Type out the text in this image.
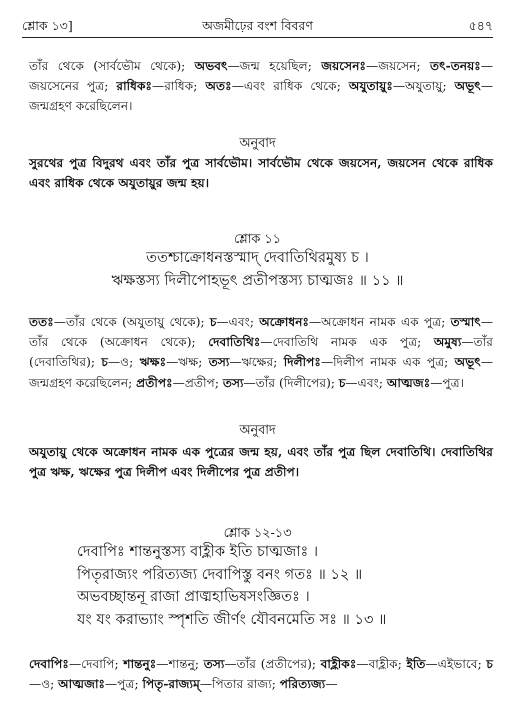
শ্লোক ১৩]	অজমীঢ়ের বংশ বিবরণ	৫৪৭
তাঁর থেকে (সার্বভৌম থেকে); অভবৎ—জন্ম হয়েছিল; জয়সেনঃ—জয়সেন; তৎ-তনয়ঃ—জয়সেনের পুত্র; রাধিকঃ—রাধিক; অতঃ—এবং রাধিক থেকে; অযুতায়ুঃ—অযুতায়ু; অভূৎ—জন্মগ্রহণ করেছিলেন।
অনুবাদ
সুরথের পুত্র বিদুরথ এবং তাঁর পুত্র সার্বভৌম। সার্বভৌম থেকে জয়সেন, জয়সেন থেকে রাধিক এবং রাধিক থেকে অযুতায়ুর জন্ম হয়।
শ্লোক ১১
ততশ্চাক্রোধনস্তস্মাদ্ দেবাতিথিরমুষ্য চ ।
ঋক্ষস্তস্য দিলীপোহভূৎ প্রতীপস্তস্য চাত্মজঃ ॥ ১১ ॥
ততঃ—তাঁর থেকে (অযুতায়ু থেকে); চ—এবং; অক্রোধনঃ—অক্রোধন নামক এক পুত্র; তস্মাৎ—তাঁর থেকে (অক্রোধন থেকে); দেবাতিথিঃ—দেবাতিথি নামক এক পুত্র; অমুষ্য—তাঁর (দেবাতিথির); চ—ও; ঋক্ষঃ—ঋক্ষ; তস্য—ঋক্ষের; দিলীপঃ—দিলীপ নামক এক পুত্র; অভূৎ—জন্মগ্রহণ করেছিলেন; প্রতীপঃ—প্রতীপ; তস্য—তাঁর (দিলীপের); চ—এবং; আত্মজঃ—পুত্র।
অনুবাদ
অযুতায়ু থেকে অক্রোধন নামক এক পুত্রের জন্ম হয়, এবং তাঁর পুত্র ছিল দেবাতিথি। দেবাতিথির পুত্র ঋক্ষ, ঋক্ষের পুত্র দিলীপ এবং দিলীপের পুত্র প্রতীপ।
শ্লোক ১২-১৩
দেবাপিঃ শান্তনুস্তস্য বাহ্লীক ইতি চাত্মজাঃ ।
পিতৃরাজ্যং পরিত্যজ্য দেবাপিস্তু বনং গতঃ ॥ ১২ ॥
অভবচ্ছান্তনূ রাজা প্রাঙ্মহাভিষসংজ্ঞিতঃ ।
যং যং করাভ্যাং স্পৃশতি জীর্ণং যৌবনমেতি সঃ ॥ ১৩ ॥
দেবাপিঃ—দেবাপি; শান্তনুঃ—শান্তনু; তস্য—তাঁর (প্রতীপের); বাহ্লীকঃ—বাহ্লীক; ইতি—এইভাবে; চ—ও; আত্মজাঃ—পুত্র; পিতৃ-রাজ্যম্—পিতার রাজ্য; পরিত্যজ্য—
